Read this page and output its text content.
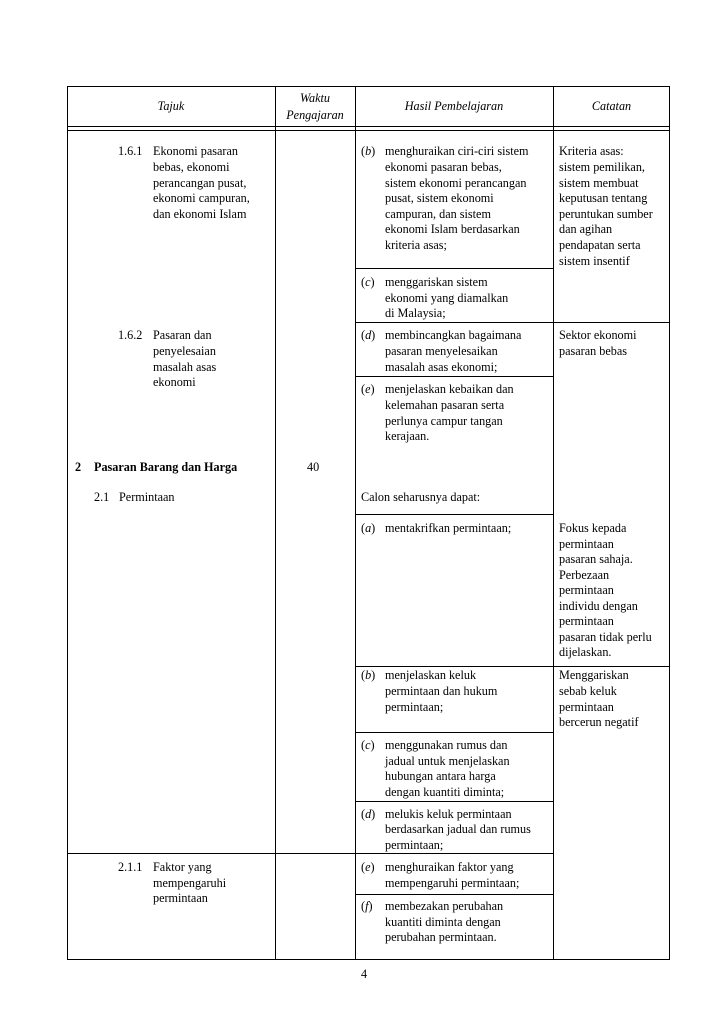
Tajuk
Waktu
Pengajaran
Hasil Pembelajaran	Catatan
1.6.1 Ekonomi pasaran
bebas, ekonomi
perancangan pusat,
ekonomi campuran,
dan ekonomi Islam
1.6.2 Pasaran dan
penyelesaian
masalah asas
ekonomi
2 Pasaran Barang dan Harga	40
2.1 Permintaan
2.1.1 Faktor yang
mempengaruhi
permintaan
(b) menghuraikan ciri-ciri sistem
ekonomi pasaran bebas,
sistem ekonomi perancangan
pusat, sistem ekonomi
campuran, dan sistem
ekonomi Islam berdasarkan
kriteria asas;
(c) menggariskan sistem
ekonomi yang diamalkan
di Malaysia;
(d) membincangkan bagaimana
pasaran menyelesaikan
masalah asas ekonomi;
(e) menjelaskan kebaikan dan
kelemahan pasaran serta
perlunya campur tangan
kerajaan.
Calon seharusnya dapat:
(a) mentakrifkan permintaan;
(b) menjelaskan keluk
permintaan dan hukum
permintaan;
(c) menggunakan rumus dan
jadual untuk menjelaskan
hubungan antara harga
dengan kuantiti diminta;
(d) melukis keluk permintaan
berdasarkan jadual dan rumus
permintaan;
(e) menghuraikan faktor yang
mempengaruhi permintaan;
(f) membezakan perubahan
kuantiti diminta dengan
perubahan permintaan.
Kriteria asas:
sistem pemilikan,
sistem membuat
keputusan tentang
peruntukan sumber
dan agihan
pendapatan serta
sistem insentif
Sektor ekonomi
pasaran bebas
Fokus kepada
permintaan
pasaran sahaja.
Perbezaan
permintaan
individu dengan
permintaan
pasaran tidak perlu
dijelaskan.
Menggariskan
sebab keluk
permintaan
bercerun negatif
4
